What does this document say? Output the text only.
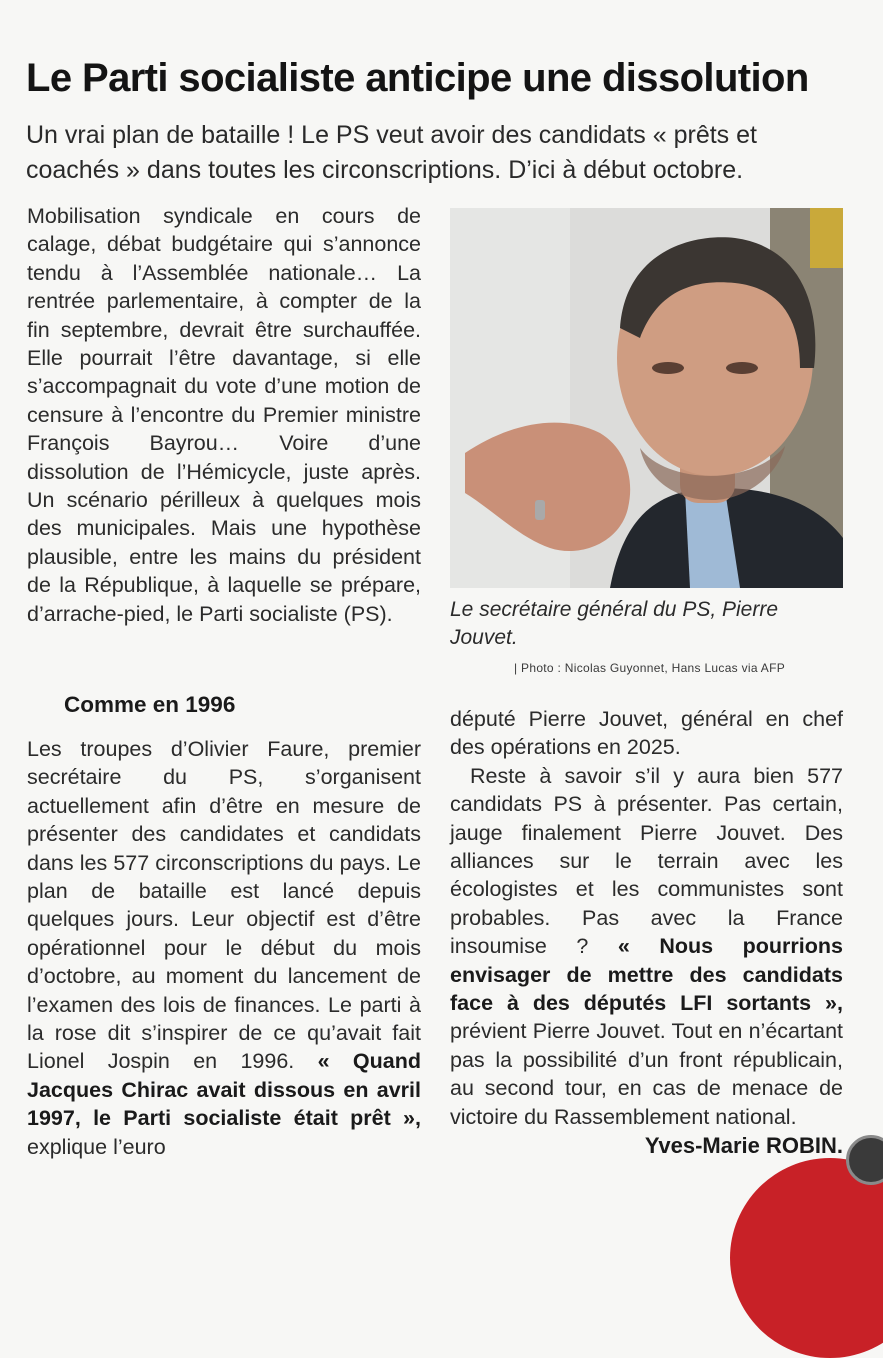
Le Parti socialiste anticipe une dissolution

Un vrai plan de bataille ! Le PS veut avoir des candidats « prêts et coachés » dans toutes les circonscriptions. D’ici à début octobre.

Mobilisation syndicale en cours de calage, débat budgétaire qui s’annonce tendu à l’Assemblée nationale… La rentrée parlementaire, à compter de la fin septembre, devrait être surchauffée. Elle pourrait l’être davantage, si elle s’accompagnait du vote d’une motion de censure à l’encontre du Premier ministre François Bayrou… Voire d’une dissolution de l’Hémicycle, juste après. Un scénario périlleux à quelques mois des municipales. Mais une hypothèse plausible, entre les mains du président de la République, à laquelle se prépare, d’arrache-pied, le Parti socialiste (PS).	Le secrétaire général du PS, Pierre Jouvet.

| Photo : Nicolas Guyonnet, Hans Lucas via AFP

Comme en 1996

Les troupes d’Olivier Faure, premier secrétaire du PS, s’organisent actuellement afin d’être en mesure de présenter des candidates et candidats dans les 577 circonscriptions du pays. Le plan de bataille est lancé depuis quelques jours. Leur objectif est d’être opérationnel pour le début du mois d’octobre, au moment du lancement de l’examen des lois de finances. Le parti à la rose dit s’inspirer de ce qu’avait fait Lionel Jospin en 1996. « Quand Jacques Chirac avait dissous en avril 1997, le Parti socialiste était prêt », explique l’euro

député Pierre Jouvet, général en chef des opérations en 2025.

Reste à savoir s’il y aura bien 577 candidats PS à présenter. Pas certain, jauge finalement Pierre Jouvet. Des alliances sur le terrain avec les écologistes et les communistes sont probables. Pas avec la France insoumise ? « Nous pourrions envisager de mettre des candidats face à des députés LFI sortants », prévient Pierre Jouvet. Tout en n’écartant pas la possibilité d’un front républicain, au second tour, en cas de menace de victoire du Rassemblement national.

Yves-Marie ROBIN.
